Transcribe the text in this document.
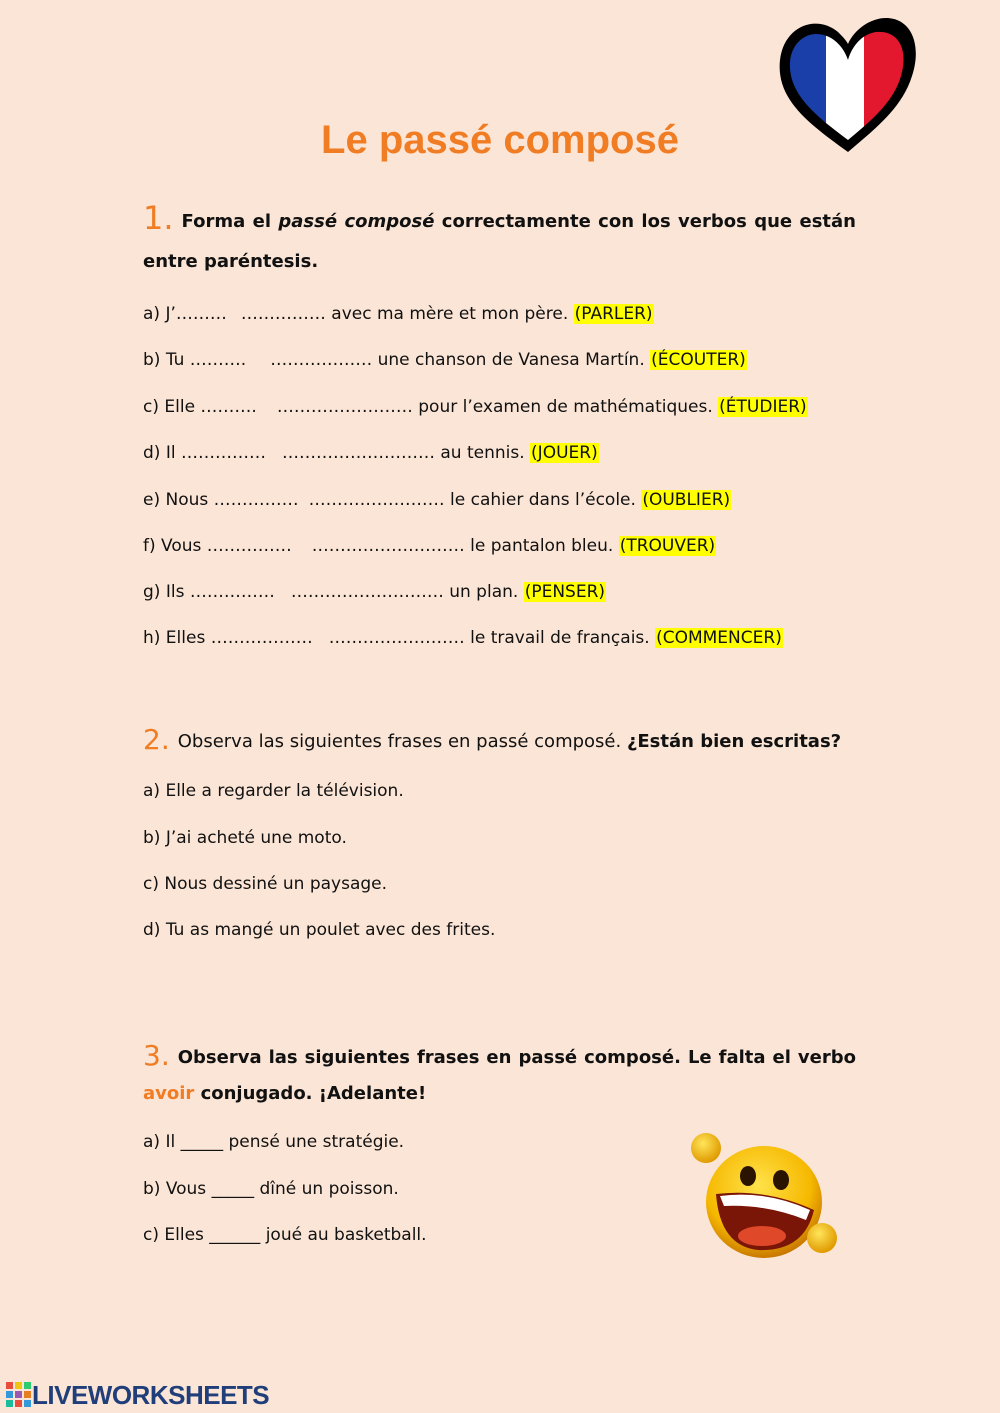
Le passé composé
1. Forma el passé composé correctamente con los verbos que están entre paréntesis.
a) J’……… …………… avec ma mère et mon père. (PARLER)
b) Tu ………. ……………… une chanson de Vanesa Martín. (ÉCOUTER)
c) Elle ………. …………………… pour l’examen de mathématiques. (ÉTUDIER)
d) Il …………… ……………………… au tennis. (JOUER)
e) Nous …………… …………………… le cahier dans l’école. (OUBLIER)
f) Vous …………… ……………………… le pantalon bleu. (TROUVER)
g) Ils …………… ……………………… un plan. (PENSER)
h) Elles ……………… …………………… le travail de français. (COMMENCER)
2. Observa las siguientes frases en passé composé. ¿Están bien escritas?
a) Elle a regarder la télévision.
b) J’ai acheté une moto.
c) Nous dessiné un paysage.
d) Tu as mangé un poulet avec des frites.
3. Observa las siguientes frases en passé composé. Le falta el verbo avoir conjugado. ¡Adelante!
a) Il _____ pensé une stratégie.
b) Vous _____ dîné un poisson.
c) Elles ______ joué au basketball.
LIVEWORKSHEETS
